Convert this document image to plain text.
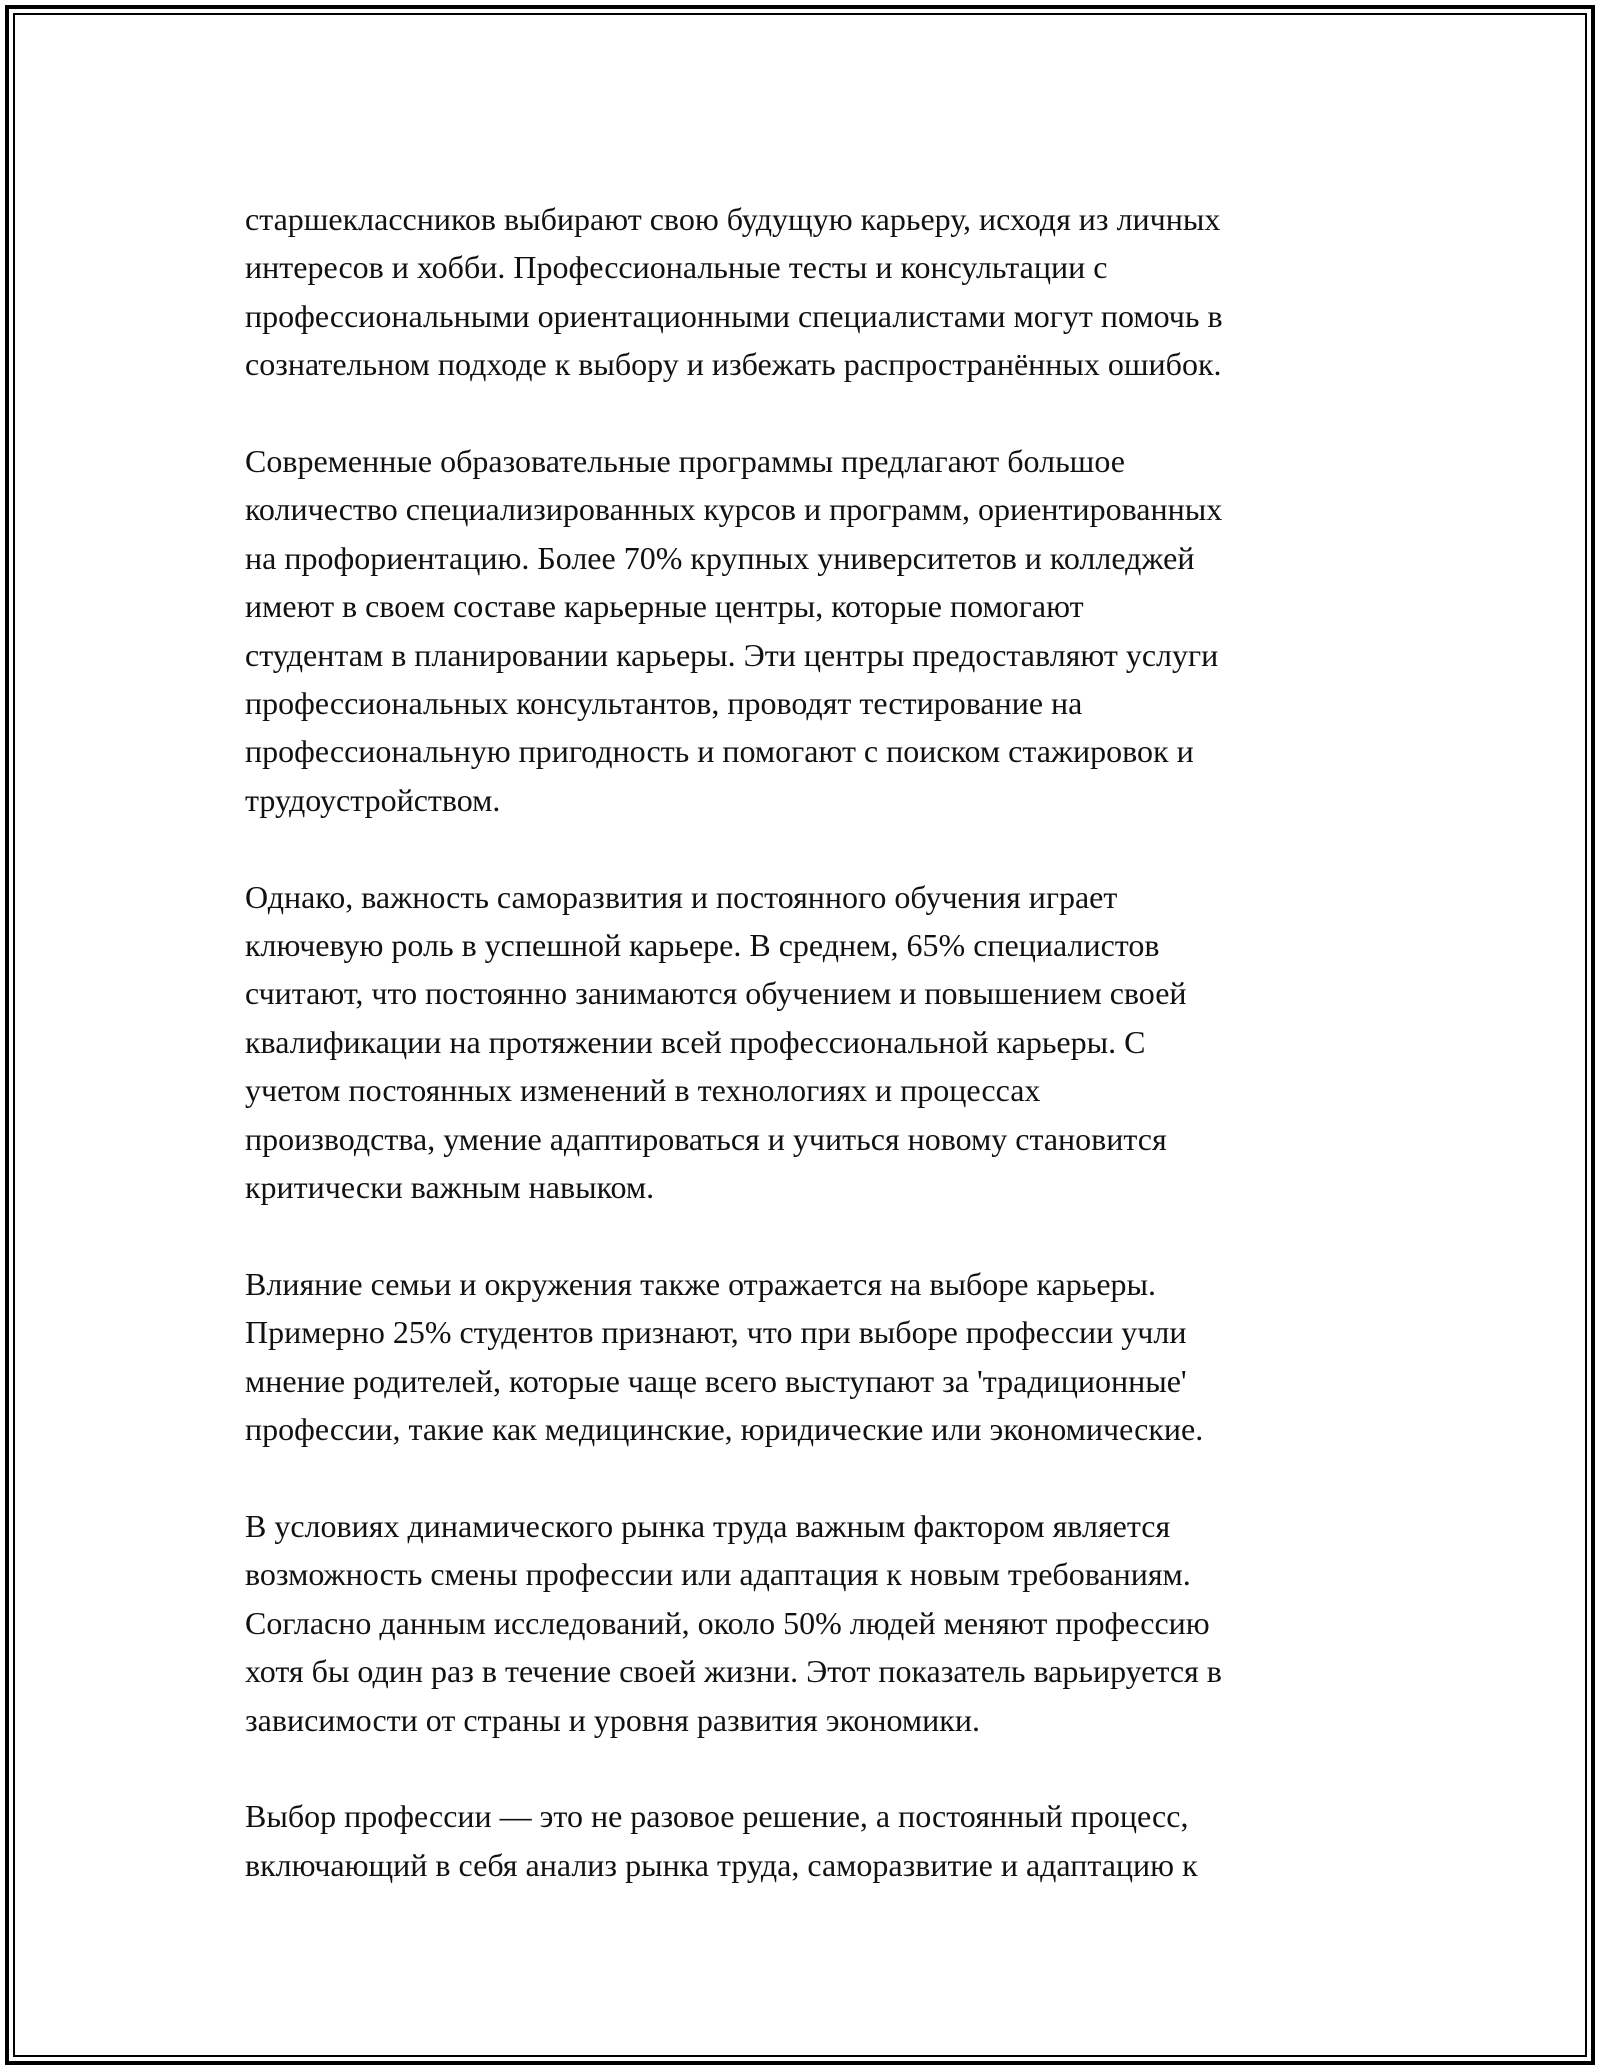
старшеклассников выбирают свою будущую карьеру, исходя из личных
интересов и хобби. Профессиональные тесты и консультации с
профессиональными ориентационными специалистами могут помочь в
сознательном подходе к выбору и избежать распространённых ошибок.

Современные образовательные программы предлагают большое
количество специализированных курсов и программ, ориентированных
на профориентацию. Более 70% крупных университетов и колледжей
имеют в своем составе карьерные центры, которые помогают
студентам в планировании карьеры. Эти центры предоставляют услуги
профессиональных консультантов, проводят тестирование на
профессиональную пригодность и помогают с поиском стажировок и
трудоустройством.

Однако, важность саморазвития и постоянного обучения играет
ключевую роль в успешной карьере. В среднем, 65% специалистов
считают, что постоянно занимаются обучением и повышением своей
квалификации на протяжении всей профессиональной карьеры. С
учетом постоянных изменений в технологиях и процессах
производства, умение адаптироваться и учиться новому становится
критически важным навыком.

Влияние семьи и окружения также отражается на выборе карьеры.
Примерно 25% студентов признают, что при выборе профессии учли
мнение родителей, которые чаще всего выступают за 'традиционные'
профессии, такие как медицинские, юридические или экономические.

В условиях динамического рынка труда важным фактором является
возможность смены профессии или адаптация к новым требованиям.
Согласно данным исследований, около 50% людей меняют профессию
хотя бы один раз в течение своей жизни. Этот показатель варьируется в
зависимости от страны и уровня развития экономики.

Выбор профессии — это не разовое решение, а постоянный процесс,
включающий в себя анализ рынка труда, саморазвитие и адаптацию к
